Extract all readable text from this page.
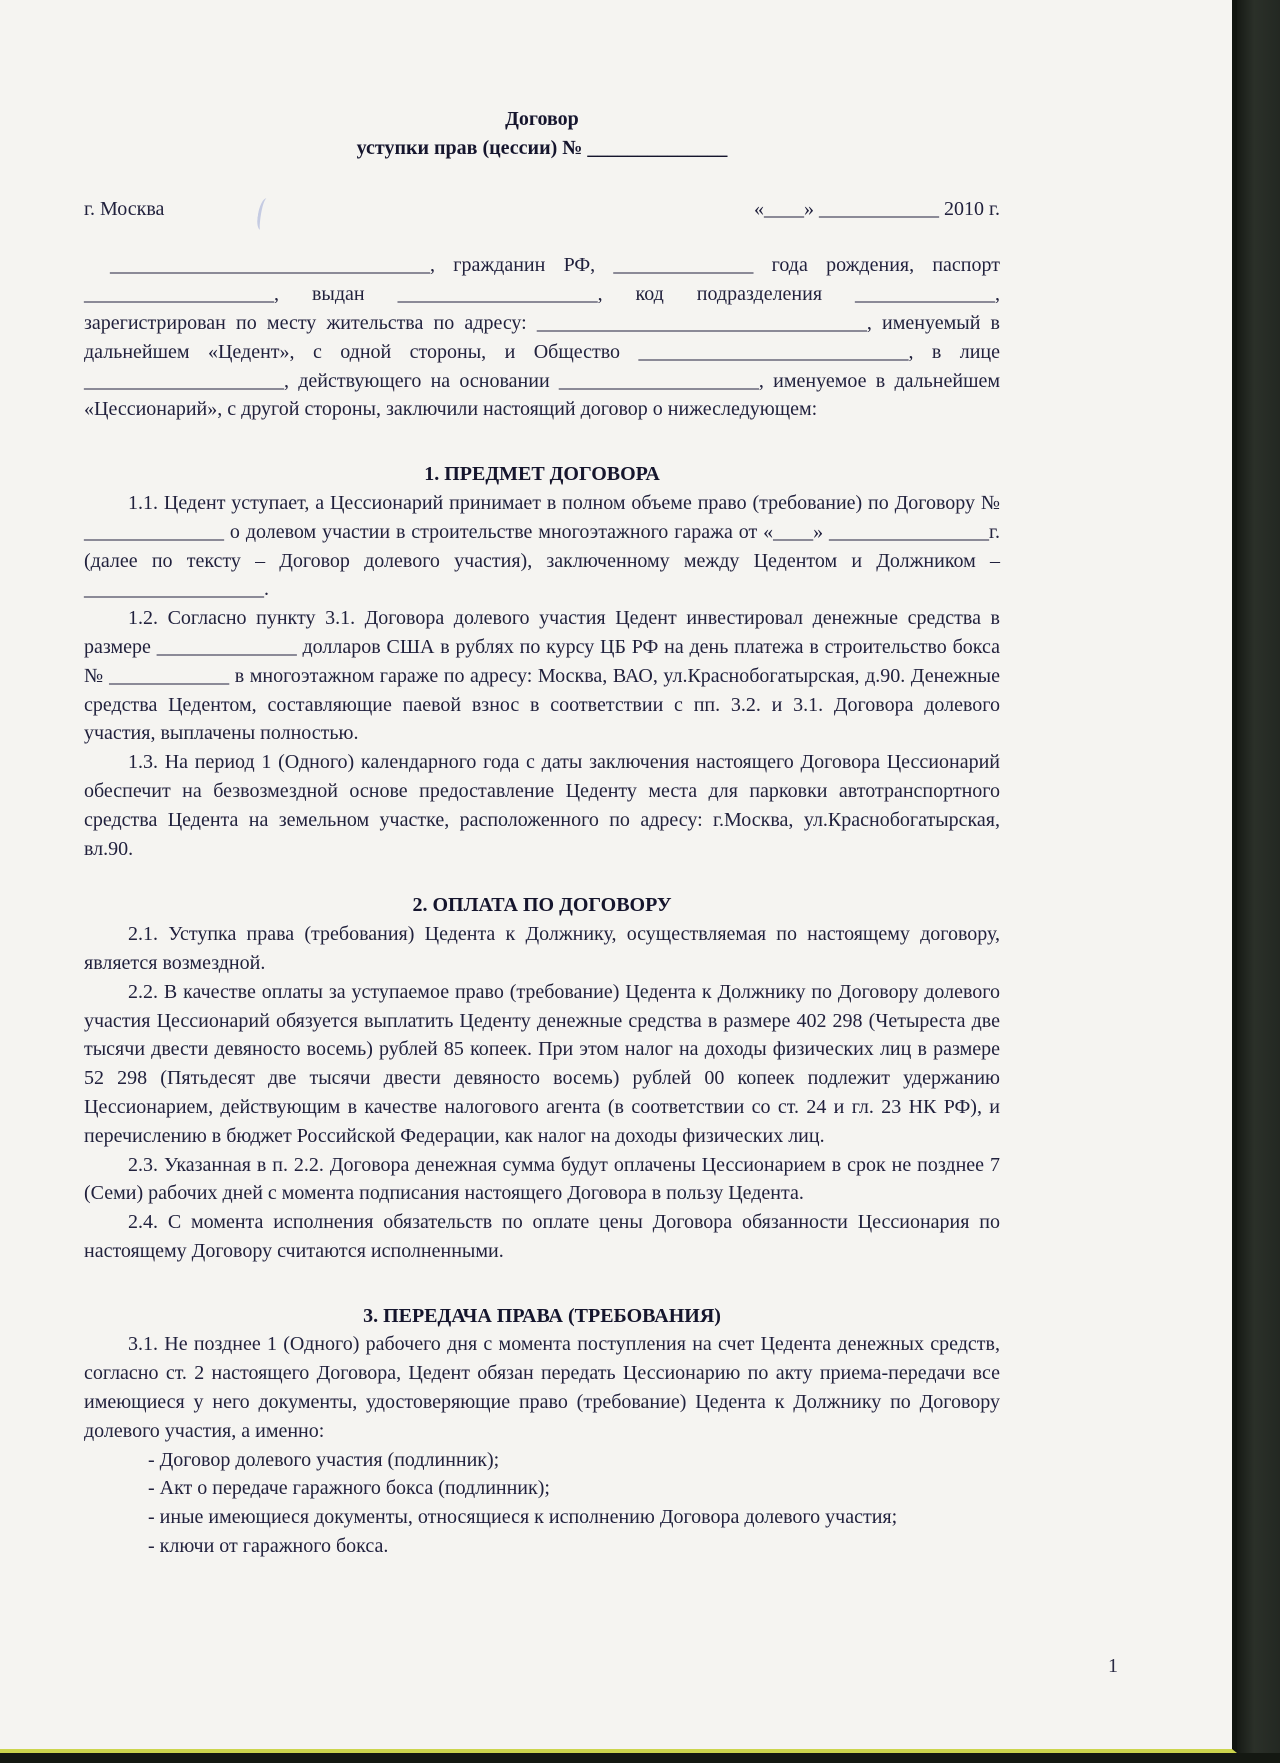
Договор
уступки прав (цессии) № ______________
г. Москва	«____» ____________ 2010 г.

________________________________, гражданин РФ, ______________ года рождения, паспорт ___________________, выдан ____________________, код подразделения ______________, зарегистрирован по месту жительства по адресу: _________________________________, именуемый в дальнейшем «Цедент», с одной стороны, и Общество ___________________________, в лице ____________________, действующего на основании ____________________, именуемое в дальнейшем «Цессионарий», с другой стороны, заключили настоящий договор о нижеследующем:

1. ПРЕДМЕТ ДОГОВОРА

1.1. Цедент уступает, а Цессионарий принимает в полном объеме право (требование) по Договору № ______________ о долевом участии в строительстве многоэтажного гаража от «____» ________________г. (далее по тексту – Договор долевого участия), заключенному между Цедентом и Должником – __________________.

1.2. Согласно пункту 3.1. Договора долевого участия Цедент инвестировал денежные средства в размере ______________ долларов США в рублях по курсу ЦБ РФ на день платежа в строительство бокса № ____________ в многоэтажном гараже по адресу: Москва, ВАО, ул.Краснобогатырская, д.90. Денежные средства Цедентом, составляющие паевой взнос в соответствии с пп. 3.2. и 3.1. Договора долевого участия, выплачены полностью.

1.3. На период 1 (Одного) календарного года с даты заключения настоящего Договора Цессионарий обеспечит на безвозмездной основе предоставление Цеденту места для парковки автотранспортного средства Цедента на земельном участке, расположенного по адресу: г.Москва, ул.Краснобогатырская, вл.90.

2. ОПЛАТА ПО ДОГОВОРУ

2.1. Уступка права (требования) Цедента к Должнику, осуществляемая по настоящему договору, является возмездной.

2.2. В качестве оплаты за уступаемое право (требование) Цедента к Должнику по Договору долевого участия Цессионарий обязуется выплатить Цеденту денежные средства в размере 402 298 (Четыреста две тысячи двести девяносто восемь) рублей 85 копеек. При этом налог на доходы физических лиц в размере 52 298 (Пятьдесят две тысячи двести девяносто восемь) рублей 00 копеек подлежит удержанию Цессионарием, действующим в качестве налогового агента (в соответствии со ст. 24 и гл. 23 НК РФ), и перечислению в бюджет Российской Федерации, как налог на доходы физических лиц.

2.3. Указанная в п. 2.2. Договора денежная сумма будут оплачены Цессионарием в срок не позднее 7 (Семи) рабочих дней с момента подписания настоящего Договора в пользу Цедента.

2.4. С момента исполнения обязательств по оплате цены Договора обязанности Цессионария по настоящему Договору считаются исполненными.

3. ПЕРЕДАЧА ПРАВА (ТРЕБОВАНИЯ)

3.1. Не позднее 1 (Одного) рабочего дня с момента поступления на счет Цедента денежных средств, согласно ст. 2 настоящего Договора, Цедент обязан передать Цессионарию по акту приема-передачи все имеющиеся у него документы, удостоверяющие право (требование) Цедента к Должнику по Договору долевого участия, а именно:

- Договор долевого участия (подлинник);
- Акт о передаче гаражного бокса (подлинник);
- иные имеющиеся документы, относящиеся к исполнению Договора долевого участия;
- ключи от гаражного бокса.
1
